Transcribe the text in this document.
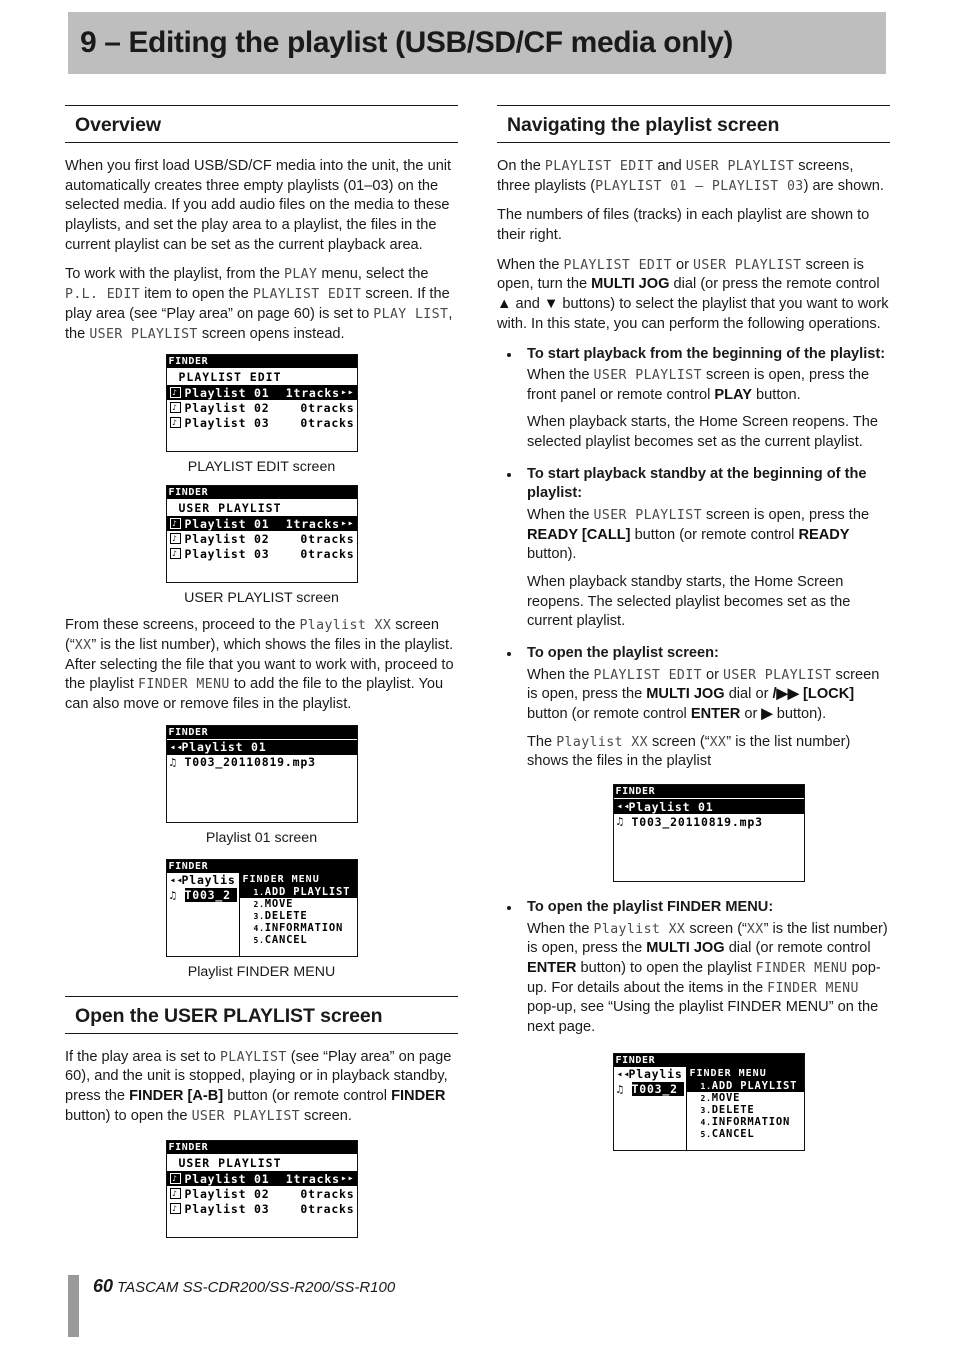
9 – Editing the playlist (USB/SD/CF media only)
Overview

When you first load USB/SD/CF media into the unit, the unit automatically creates three empty playlists (01–03) on the selected media. If you add audio files on the media to these playlists, and set the play area to a playlist, the files in the current playlist can be set as the current playback area.

To work with the playlist, from the PLAY menu, select the P.L. EDIT item to open the PLAYLIST EDIT screen. If the play area (see “Play area” on page 60) is set to PLAY LIST, the USER PLAYLIST screen opens instead.

FINDER
PLAYLIST EDIT
♪ Playlist 01	1tracks ▸▸
♪ Playlist 02	0tracks
♪ Playlist 03	0tracks
PLAYLIST EDIT screen
FINDER
USER PLAYLIST
♪ Playlist 01	1tracks ▸▸
♪ Playlist 02	0tracks
♪ Playlist 03	0tracks
USER PLAYLIST screen

From these screens, proceed to the Playlist XX screen (“XX” is the list number), which shows the files in the playlist. After selecting the file that you want to work with, proceed to the playlist FINDER MENU to add the file to the playlist. You can also move or remove files in the playlist.

FINDER
◂◂
Playlist 01
♫ T003_20110819.mp3
Playlist 01 screen
FINDER
◂◂
Playlis
♫ T003_2
FINDER MENU
1.ADD PLAYLIST
2.MOVE
3.DELETE
4.INFORMATION
5.CANCEL
Playlist FINDER MENU
Open the USER PLAYLIST screen

If the play area is set to PLAYLIST (see “Play area” on page 60), and the unit is stopped, playing or in playback standby, press the FINDER [A-B] button (or remote control FINDER button) to open the USER PLAYLIST screen.

FINDER
USER PLAYLIST
♪ Playlist 01	1tracks ▸▸
♪ Playlist 02	0tracks
♪ Playlist 03	0tracks
Navigating the playlist screen

On the PLAYLIST EDIT and USER PLAYLIST screens, three playlists (PLAYLIST 01 – PLAYLIST 03) are shown.

The numbers of files (tracks) in each playlist are shown to their right.

When the PLAYLIST EDIT or USER PLAYLIST screen is open, turn the MULTI JOG dial (or press the remote control ▲ and ▼ buttons) to select the playlist that you want to work with. In this state, you can perform the following operations.

To start playback from the beginning of the playlist:

When the USER PLAYLIST screen is open, press the front panel or remote control PLAY button.

When playback starts, the Home Screen reopens. The selected playlist becomes set as the current playlist.

To start playback standby at the beginning of the playlist:

When the USER PLAYLIST screen is open, press the READY [CALL] button (or remote control READY button).

When playback standby starts, the Home Screen reopens. The selected playlist becomes set as the current playlist.

To open the playlist screen:

When the PLAYLIST EDIT or USER PLAYLIST screen is open, press the MULTI JOG dial or /▶▶ [LOCK] button (or remote control ENTER or ▶ button).

The Playlist XX screen (“XX” is the list number) shows the files in the playlist

FINDER
◂◂
Playlist 01
♫ T003_20110819.mp3

To open the playlist FINDER MENU:

When the Playlist XX screen (“XX” is the list number) is open, press the MULTI JOG dial (or remote control ENTER button) to open the playlist FINDER MENU pop-up. For details about the items in the FINDER MENU pop-up, see “Using the playlist FINDER MENU” on the next page.

FINDER
◂◂
Playlis
♫ T003_2
FINDER MENU
1.ADD PLAYLIST
2.MOVE
3.DELETE
4.INFORMATION
5.CANCEL
60 TASCAM SS-CDR200/SS-R200/SS-R100
